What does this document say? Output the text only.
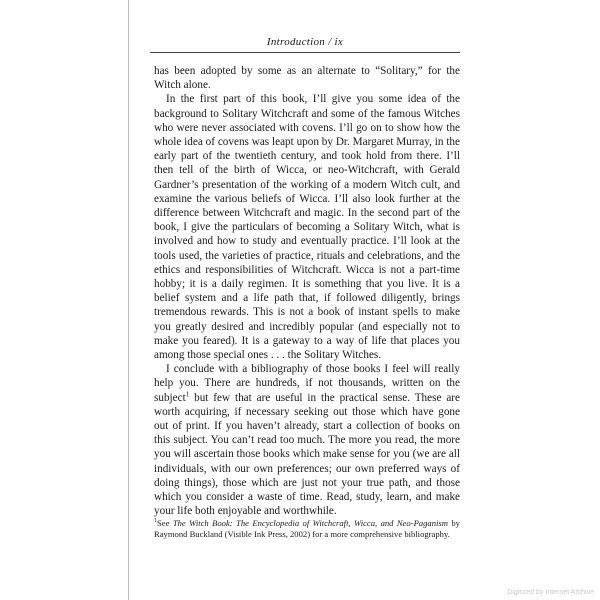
Introduction / ix

has been adopted by some as an alternate to “Solitary,” for the Witch alone.

In the first part of this book, I’ll give you some idea of the background to Solitary Witchcraft and some of the famous Witches who were never associated with covens. I’ll go on to show how the whole idea of covens was leapt upon by Dr. Margaret Murray, in the early part of the twentieth century, and took hold from there. I’ll then tell of the birth of Wicca, or neo-Witchcraft, with Gerald Gardner’s presentation of the working of a modern Witch cult, and examine the various beliefs of Wicca. I’ll also look further at the difference between Witchcraft and magic. In the second part of the book, I give the particulars of becoming a Solitary Witch, what is involved and how to study and eventually practice. I’ll look at the tools used, the varieties of practice, rituals and celebrations, and the ethics and responsibilities of Witchcraft. Wicca is not a part-time hobby; it is a daily regimen. It is something that you live. It is a belief system and a life path that, if followed diligently, brings tremendous rewards. This is not a book of instant spells to make you greatly desired and incredibly popular (and especially not to make you feared). It is a gateway to a way of life that places you among those special ones . . . the Solitary Witches.

I conclude with a bibliography of those books I feel will really help you. There are hundreds, if not thousands, written on the subject$^1$ but few that are useful in the practical sense. These are worth acquiring, if necessary seeking out those which have gone out of print. If you haven’t already, start a collection of books on this subject. You can’t read too much. The more you read, the more you will ascertain those books which make sense for you (we are all individuals, with our own preferences; our own preferred ways of doing things), those which are just not your true path, and those which you consider a waste of time. Read, study, learn, and make your life both enjoyable and worthwhile.

$^1$See The Witch Book: The Encyclopedia of Witchcraft, Wicca, and Neo-Paganism by Raymond Buckland (Visible Ink Press, 2002) for a more comprehensive bibliography.
Digitized by Internet Archive
